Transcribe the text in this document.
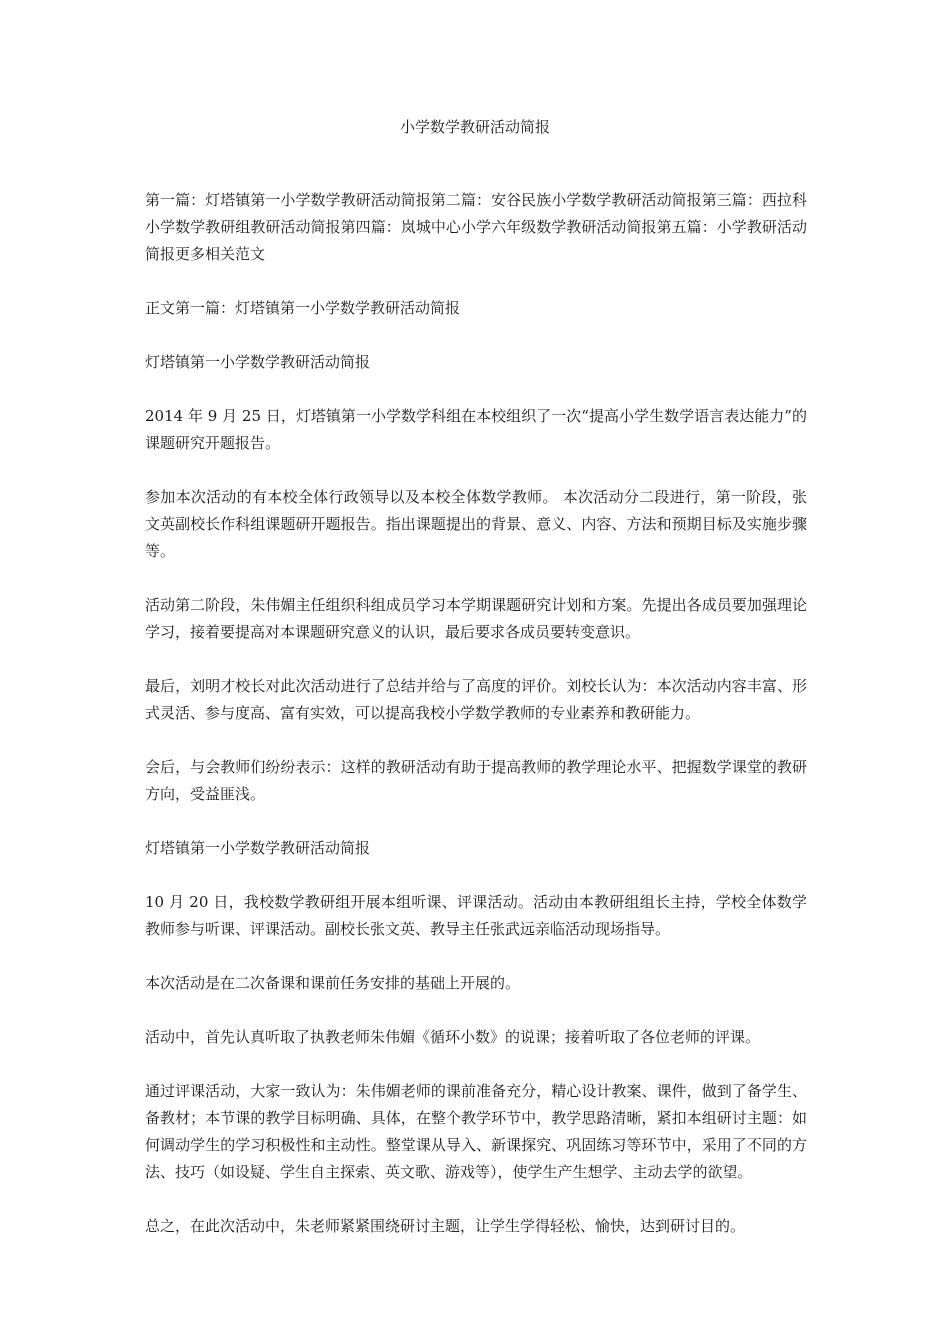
小学数学教研活动简报

第一篇：灯塔镇第一小学数学教研活动简报第二篇：安谷民族小学数学教研活动简报第三篇：西拉科小学数学教研组教研活动简报第四篇：岚城中心小学六年级数学教研活动简报第五篇：小学教研活动简报更多相关范文

正文第一篇：灯塔镇第一小学数学教研活动简报

灯塔镇第一小学数学教研活动简报

2014 年 9 月 25 日，灯塔镇第一小学数学科组在本校组织了一次“提高小学生数学语言表达能力”的课题研究开题报告。

参加本次活动的有本校全体行政领导以及本校全体数学教师。 本次活动分二段进行，第一阶段，张文英副校长作科组课题研开题报告。指出课题提出的背景、意义、内容、方法和预期目标及实施步骤等。

活动第二阶段，朱伟媚主任组织科组成员学习本学期课题研究计划和方案。先提出各成员要加强理论学习，接着要提高对本课题研究意义的认识，最后要求各成员要转变意识。

最后，刘明才校长对此次活动进行了总结并给与了高度的评价。刘校长认为：本次活动内容丰富、形式灵活、参与度高、富有实效，可以提高我校小学数学教师的专业素养和教研能力。

会后，与会教师们纷纷表示：这样的教研活动有助于提高教师的教学理论水平、把握数学课堂的教研方向，受益匪浅。

灯塔镇第一小学数学教研活动简报

10 月 20 日，我校数学教研组开展本组听课、评课活动。活动由本教研组组长主持，学校全体数学教师参与听课、评课活动。副校长张文英、教导主任张武远亲临活动现场指导。

本次活动是在二次备课和课前任务安排的基础上开展的。

活动中，首先认真听取了执教老师朱伟媚《循环小数》的说课；接着听取了各位老师的评课。

通过评课活动，大家一致认为：朱伟媚老师的课前准备充分，精心设计教案、课件，做到了备学生、备教材；本节课的教学目标明确、具体，在整个教学环节中，教学思路清晰，紧扣本组研讨主题：如何调动学生的学习积极性和主动性。整堂课从导入、新课探究、巩固练习等环节中，采用了不同的方法、技巧（如设疑、学生自主探索、英文歌、游戏等），使学生产生想学、主动去学的欲望。

总之，在此次活动中，朱老师紧紧围绕研讨主题，让学生学得轻松、愉快，达到研讨目的。
